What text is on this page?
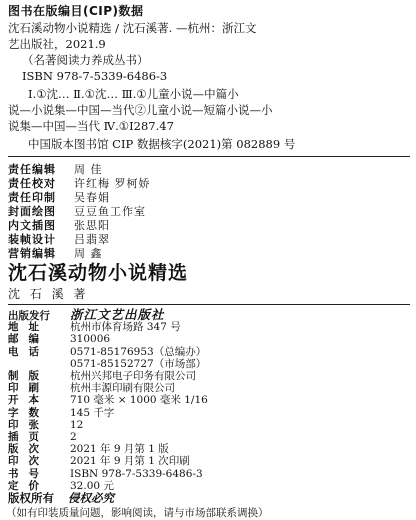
图书在版编目(CIP)数据
沈石溪动物小说精选 / 沈石溪著. —杭州：浙江文
艺出版社，2021.9
（名著阅读力养成丛书）
ISBN 978-7-5339-6486-3
Ⅰ.①沈… Ⅱ.①沈… Ⅲ.①儿童小说—中篇小
说—小说集—中国—当代②儿童小说—短篇小说—小
说集—中国—当代 Ⅳ.①I287.47
中国版本图书馆 CIP 数据核字(2021)第 082889 号
责任编辑 周 佳
责任校对 许红梅 罗柯娇
责任印制 吴春娟
封面绘图 豆豆鱼工作室
内文插图 张思阳
装帧设计 吕翡翠
营销编辑 周 鑫
沈石溪动物小说精选
沈 石 溪 著
出版发行 浙江文艺出版社
地址 杭州市体育场路 347 号
邮编 310006
电话 0571-85176953（总编办）
0571-85152727（市场部）
制版 杭州兴邦电子印务有限公司
印刷 杭州丰源印刷有限公司
开本 710 毫米 × 1000 毫米 1/16
字数 145 千字
印张 12
插页 2
版次 2021 年 9 月第 1 版
印次 2021 年 9 月第 1 次印刷
书号 ISBN 978-7-5339-6486-3
定价 32.00 元
版权所有 侵权必究
（如有印装质量问题，影响阅读，请与市场部联系调换）
